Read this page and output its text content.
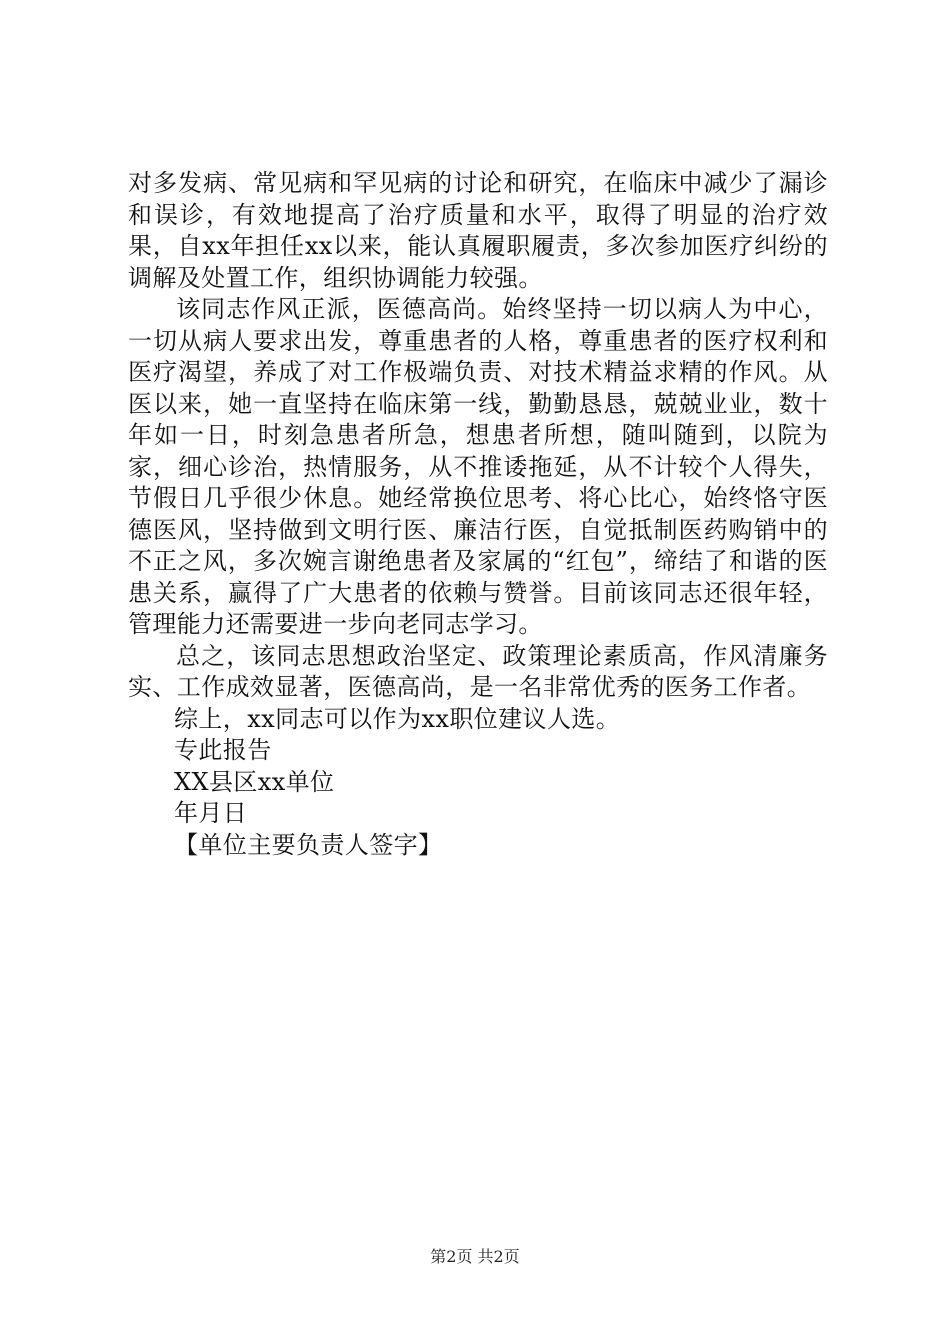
对多发病、常见病和罕见病的讨论和研究，在临床中减少了漏诊和误诊，有效地提高了治疗质量和水平，取得了明显的治疗效果，自xx年担任xx以来，能认真履职履责，多次参加医疗纠纷的调解及处置工作，组织协调能力较强。

该同志作风正派，医德高尚。始终坚持一切以病人为中心，一切从病人要求出发，尊重患者的人格，尊重患者的医疗权利和医疗渴望，养成了对工作极端负责、对技术精益求精的作风。从医以来，她一直坚持在临床第一线，勤勤恳恳，兢兢业业，数十年如一日，时刻急患者所急，想患者所想，随叫随到，以院为家，细心诊治，热情服务，从不推诿拖延，从不计较个人得失，节假日几乎很少休息。她经常换位思考、将心比心，始终恪守医德医风，坚持做到文明行医、廉洁行医，自觉抵制医药购销中的不正之风，多次婉言谢绝患者及家属的“红包”，缔结了和谐的医患关系，赢得了广大患者的依赖与赞誉。目前该同志还很年轻，管理能力还需要进一步向老同志学习。

总之，该同志思想政治坚定、政策理论素质高，作风清廉务实、工作成效显著，医德高尚，是一名非常优秀的医务工作者。

综上，xx同志可以作为xx职位建议人选。

专此报告

XX县区xx单位

年月日

【单位主要负责人签字】

第2页 共2页
